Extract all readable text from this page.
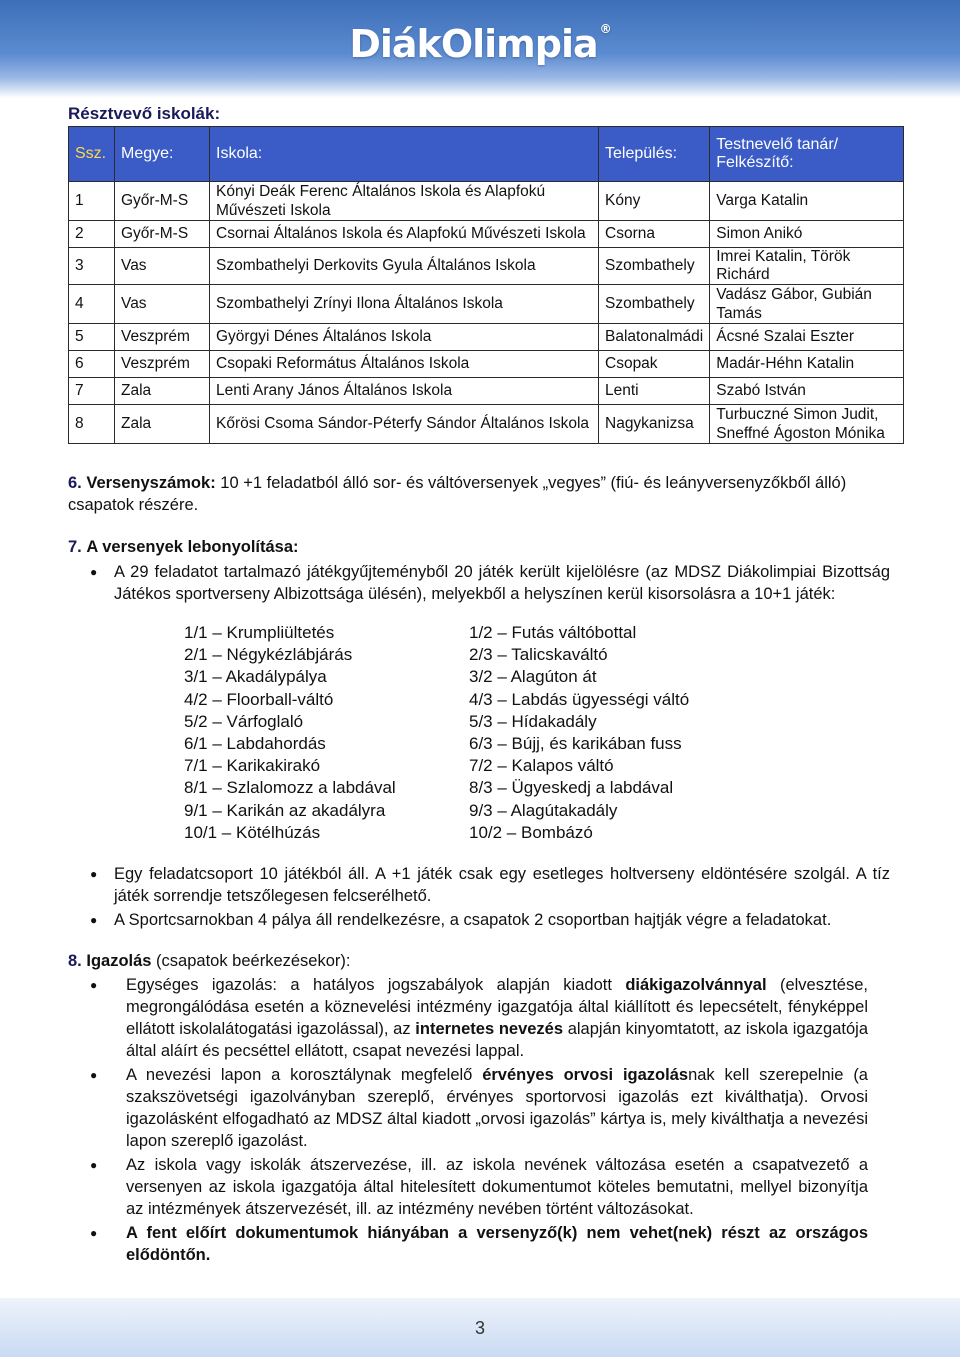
DiákOlimpia ®
Résztvevő iskolák:
Ssz.	Megye:	Iskola:	Település:	Testnevelő tanár/ Felkészítő:
1	Győr-M-S	Kónyi Deák Ferenc Általános Iskola és Alapfokú Művészeti Iskola	Kóny	Varga Katalin
2	Győr-M-S	Csornai Általános Iskola és Alapfokú Művészeti Iskola	Csorna	Simon Anikó
3	Vas	Szombathelyi Derkovits Gyula Általános Iskola	Szombathely	Imrei Katalin, Török Richárd
4	Vas	Szombathelyi Zrínyi Ilona Általános Iskola	Szombathely	Vadász Gábor, Gubián Tamás
5	Veszprém	Györgyi Dénes Általános Iskola	Balatonalmádi	Ácsné Szalai Eszter
6	Veszprém	Csopaki Református Általános Iskola	Csopak	Madár-Héhn Katalin
7	Zala	Lenti Arany János Általános Iskola	Lenti	Szabó István
8	Zala	Kőrösi Csoma Sándor-Péterfy Sándor Általános Iskola	Nagykanizsa	Turbuczné Simon Judit, Sneffné Ágoston Mónika
6. Versenyszámok: 10 +1 feladatból álló sor- és váltóversenyek „vegyes” (fiú- és leányversenyzőkből álló) csapatok részére.
7. A versenyek lebonyolítása:
● A 29 feladatot tartalmazó játékgyűjteményből 20 játék került kijelölésre (az MDSZ Diákolimpiai Bizottság Játékos sportverseny Albizottsága ülésén), melyekből a helyszínen kerül kisorsolásra a 10+1 játék:
1/1 – Krumpliültetés
2/1 – Négykézlábjárás
3/1 – Akadálypálya
4/2 – Floorball-váltó
5/2 – Várfoglaló
6/1 – Labdahordás
7/1 – Karikakirakó
8/1 – Szlalomozz a labdával
9/1 – Karikán az akadályra
10/1 – Kötélhúzás
1/2 – Futás váltóbottal
2/3 – Talicskaváltó
3/2 – Alagúton át
4/3 – Labdás ügyességi váltó
5/3 – Hídakadály
6/3 – Bújj, és karikában fuss
7/2 – Kalapos váltó
8/3 – Ügyeskedj a labdával
9/3 – Alagútakadály
10/2 – Bombázó
● Egy feladatcsoport 10 játékból áll. A +1 játék csak egy esetleges holtverseny eldöntésére szolgál. A tíz játék sorrendje tetszőlegesen felcserélhető.
● A Sportcsarnokban 4 pálya áll rendelkezésre, a csapatok 2 csoportban hajtják végre a feladatokat.
8. Igazolás (csapatok beérkezésekor):
● Egységes igazolás: a hatályos jogszabályok alapján kiadott diákigazolvánnyal (elvesztése, megrongálódása esetén a köznevelési intézmény igazgatója által kiállított és lepecsételt, fényképpel ellátott iskolalátogatási igazolással), az internetes nevezés alapján kinyomtatott, az iskola igazgatója által aláírt és pecséttel ellátott, csapat nevezési lappal.
● A nevezési lapon a korosztálynak megfelelő érvényes orvosi igazolásnak kell szerepelnie (a szakszövetségi igazolványban szereplő, érvényes sportorvosi igazolás ezt kiválthatja). Orvosi igazolásként elfogadható az MDSZ által kiadott „orvosi igazolás” kártya is, mely kiválthatja a nevezési lapon szereplő igazolást.
● Az iskola vagy iskolák átszervezése, ill. az iskola nevének változása esetén a csapatvezető a versenyen az iskola igazgatója által hitelesített dokumentumot köteles bemutatni, mellyel bizonyítja az intézmények átszervezését, ill. az intézmény nevében történt változásokat.
● A fent előírt dokumentumok hiányában a versenyző(k) nem vehet(nek) részt az országos elődöntőn.
3
